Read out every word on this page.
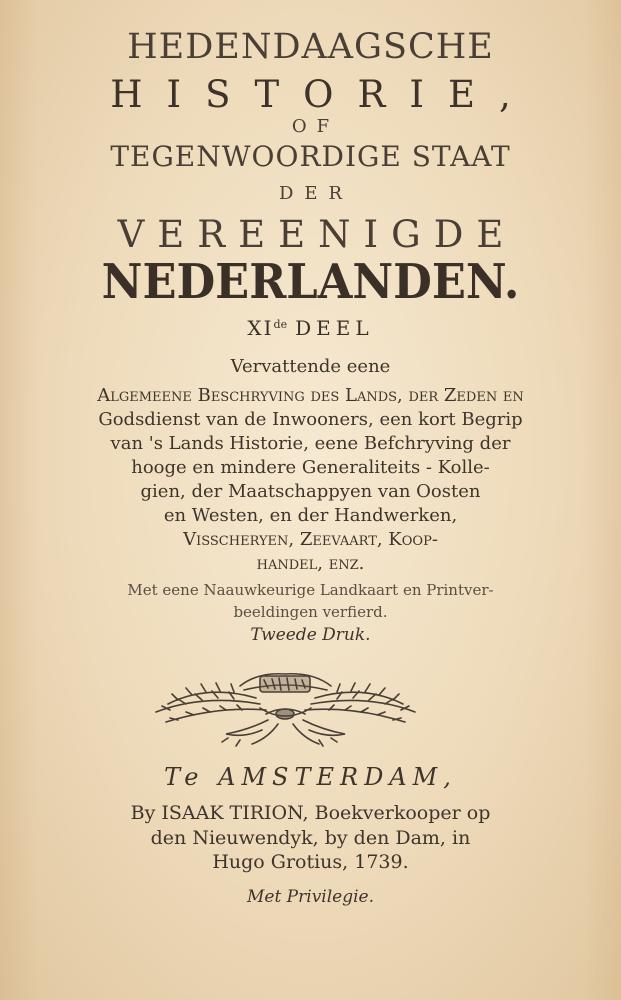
HEDENDAAGSCHE
HISTORIE,
OF
TEGENWOORDIGE STAAT
DER
VEREENIGDE
NEDERLANDEN.
XIde DEEL
Vervattende eene
Algemeene Beschryving des Lands, der Zeden en
Godsdienst van de Inwooners, een kort Begrip
van 's Lands Historie, eene Befchryving der
hooge en mindere Generaliteits - Kolle-
gien, der Maatschappyen van Oosten
en Westen, en der Handwerken,
Visscheryen, Zeevaart, Koop-
handel, enz.
Met eene Naauwkeurige Landkaart en Printver-
beeldingen verfierd.
Tweede Druk.
Te AMSTERDAM,
By ISAAK TIRION, Boekverkooper op
den Nieuwendyk, by den Dam, in
Hugo Grotius, 1739.
Met Privilegie.
